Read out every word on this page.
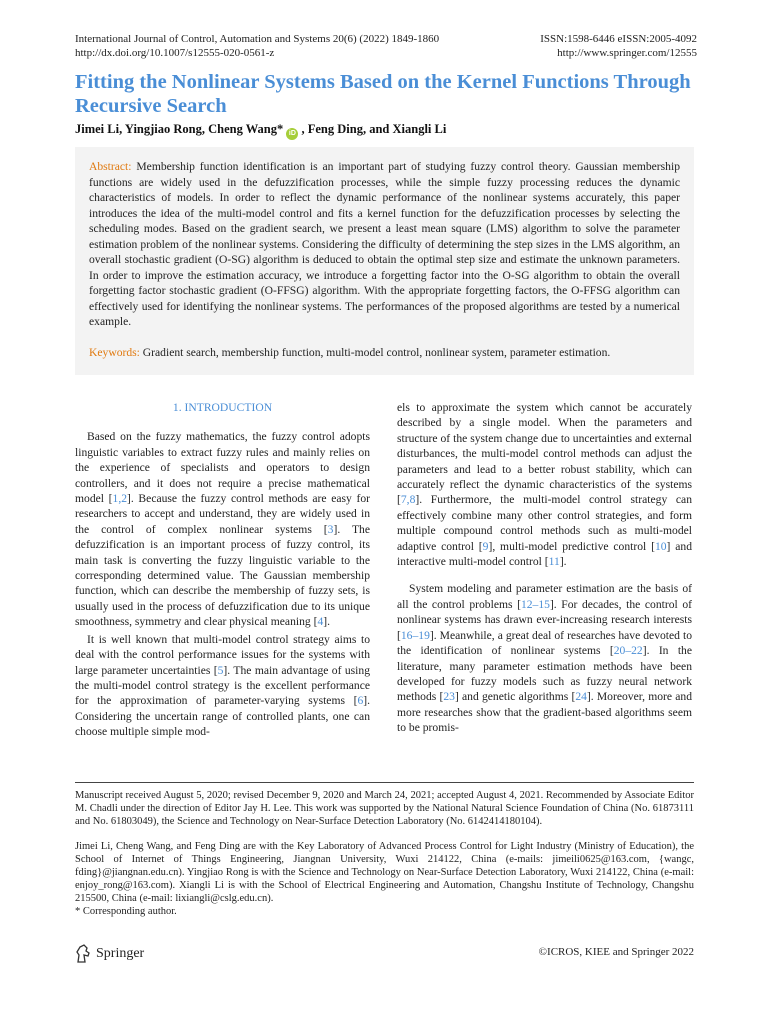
International Journal of Control, Automation and Systems 20(6) (2022) 1849-1860
http://dx.doi.org/10.1007/s12555-020-0561-z
ISSN:1598-6446 eISSN:2005-4092
http://www.springer.com/12555
Fitting the Nonlinear Systems Based on the Kernel Functions Through Recursive Search
Jimei Li, Yingjiao Rong, Cheng Wang* iD , Feng Ding, and Xiangli Li
Abstract: Membership function identification is an important part of studying fuzzy control theory. Gaussian membership functions are widely used in the defuzzification processes, while the simple fuzzy processing reduces the dynamic characteristics of models. In order to reflect the dynamic performance of the nonlinear systems accurately, this paper introduces the idea of the multi-model control and fits a kernel function for the defuzzification processes by selecting the scheduling modes. Based on the gradient search, we present a least mean square (LMS) algorithm to solve the parameter estimation problem of the nonlinear systems. Considering the difficulty of determining the step sizes in the LMS algorithm, an overall stochastic gradient (O-SG) algorithm is deduced to obtain the optimal step size and estimate the unknown parameters. In order to improve the estimation accuracy, we introduce a forgetting factor into the O-SG algorithm to obtain the overall forgetting factor stochastic gradient (O-FFSG) algorithm. With the appropriate forgetting factors, the O-FFSG algorithm can effectively used for identifying the nonlinear systems. The performances of the proposed algorithms are tested by a numerical example.
Keywords: Gradient search, membership function, multi-model control, nonlinear system, parameter estimation.
1. INTRODUCTION

Based on the fuzzy mathematics, the fuzzy control adopts linguistic variables to extract fuzzy rules and mainly relies on the experience of specialists and operators to design controllers, and it does not require a precise mathematical model [1,2]. Because the fuzzy control methods are easy for researchers to accept and understand, they are widely used in the control of complex nonlinear systems [3]. The defuzzification is an important process of fuzzy control, its main task is converting the fuzzy linguistic variable to the corresponding determined value. The Gaussian membership function, which can describe the membership of fuzzy sets, is usually used in the process of defuzzification due to its unique smoothness, symmetry and clear physical meaning [4].

It is well known that multi-model control strategy aims to deal with the control performance issues for the systems with large parameter uncertainties [5]. The main advantage of using the multi-model control strategy is the excellent performance for the approximation of parameter-varying systems [6]. Considering the uncertain range of controlled plants, one can choose multiple simple mod-

els to approximate the system which cannot be accurately described by a single model. When the parameters and structure of the system change due to uncertainties and external disturbances, the multi-model control methods can adjust the parameters and lead to a better robust stability, which can accurately reflect the dynamic characteristics of the systems [7,8]. Furthermore, the multi-model control strategy can effectively combine many other control strategies, and form multiple compound control methods such as multi-model adaptive control [9], multi-model predictive control [10] and interactive multi-model control [11].

System modeling and parameter estimation are the basis of all the control problems [12–15]. For decades, the control of nonlinear systems has drawn ever-increasing research interests [16–19]. Meanwhile, a great deal of researches have devoted to the identification of nonlinear systems [20–22]. In the literature, many parameter estimation methods have been developed for fuzzy models such as fuzzy neural network methods [23] and genetic algorithms [24]. Moreover, more and more researches show that the gradient-based algorithms seem to be promis-

Manuscript received August 5, 2020; revised December 9, 2020 and March 24, 2021; accepted August 4, 2021. Recommended by Associate Editor M. Chadli under the direction of Editor Jay H. Lee. This work was supported by the National Natural Science Foundation of China (No. 61873111 and No. 61803049), the Science and Technology on Near-Surface Detection Laboratory (No. 6142414180104).
Jimei Li, Cheng Wang, and Feng Ding are with the Key Laboratory of Advanced Process Control for Light Industry (Ministry of Education), the School of Internet of Things Engineering, Jiangnan University, Wuxi 214122, China (e-mails: jimeili0625@163.com, {wangc, fding}@jiangnan.edu.cn). Yingjiao Rong is with the Science and Technology on Near-Surface Detection Laboratory, Wuxi 214122, China (e-mail: enjoy_rong@163.com). Xiangli Li is with the School of Electrical Engineering and Automation, Changshu Institute of Technology, Changshu 215500, China (e-mail: lixiangli@cslg.edu.cn).
* Corresponding author.
Springer	©ICROS, KIEE and Springer 2022
